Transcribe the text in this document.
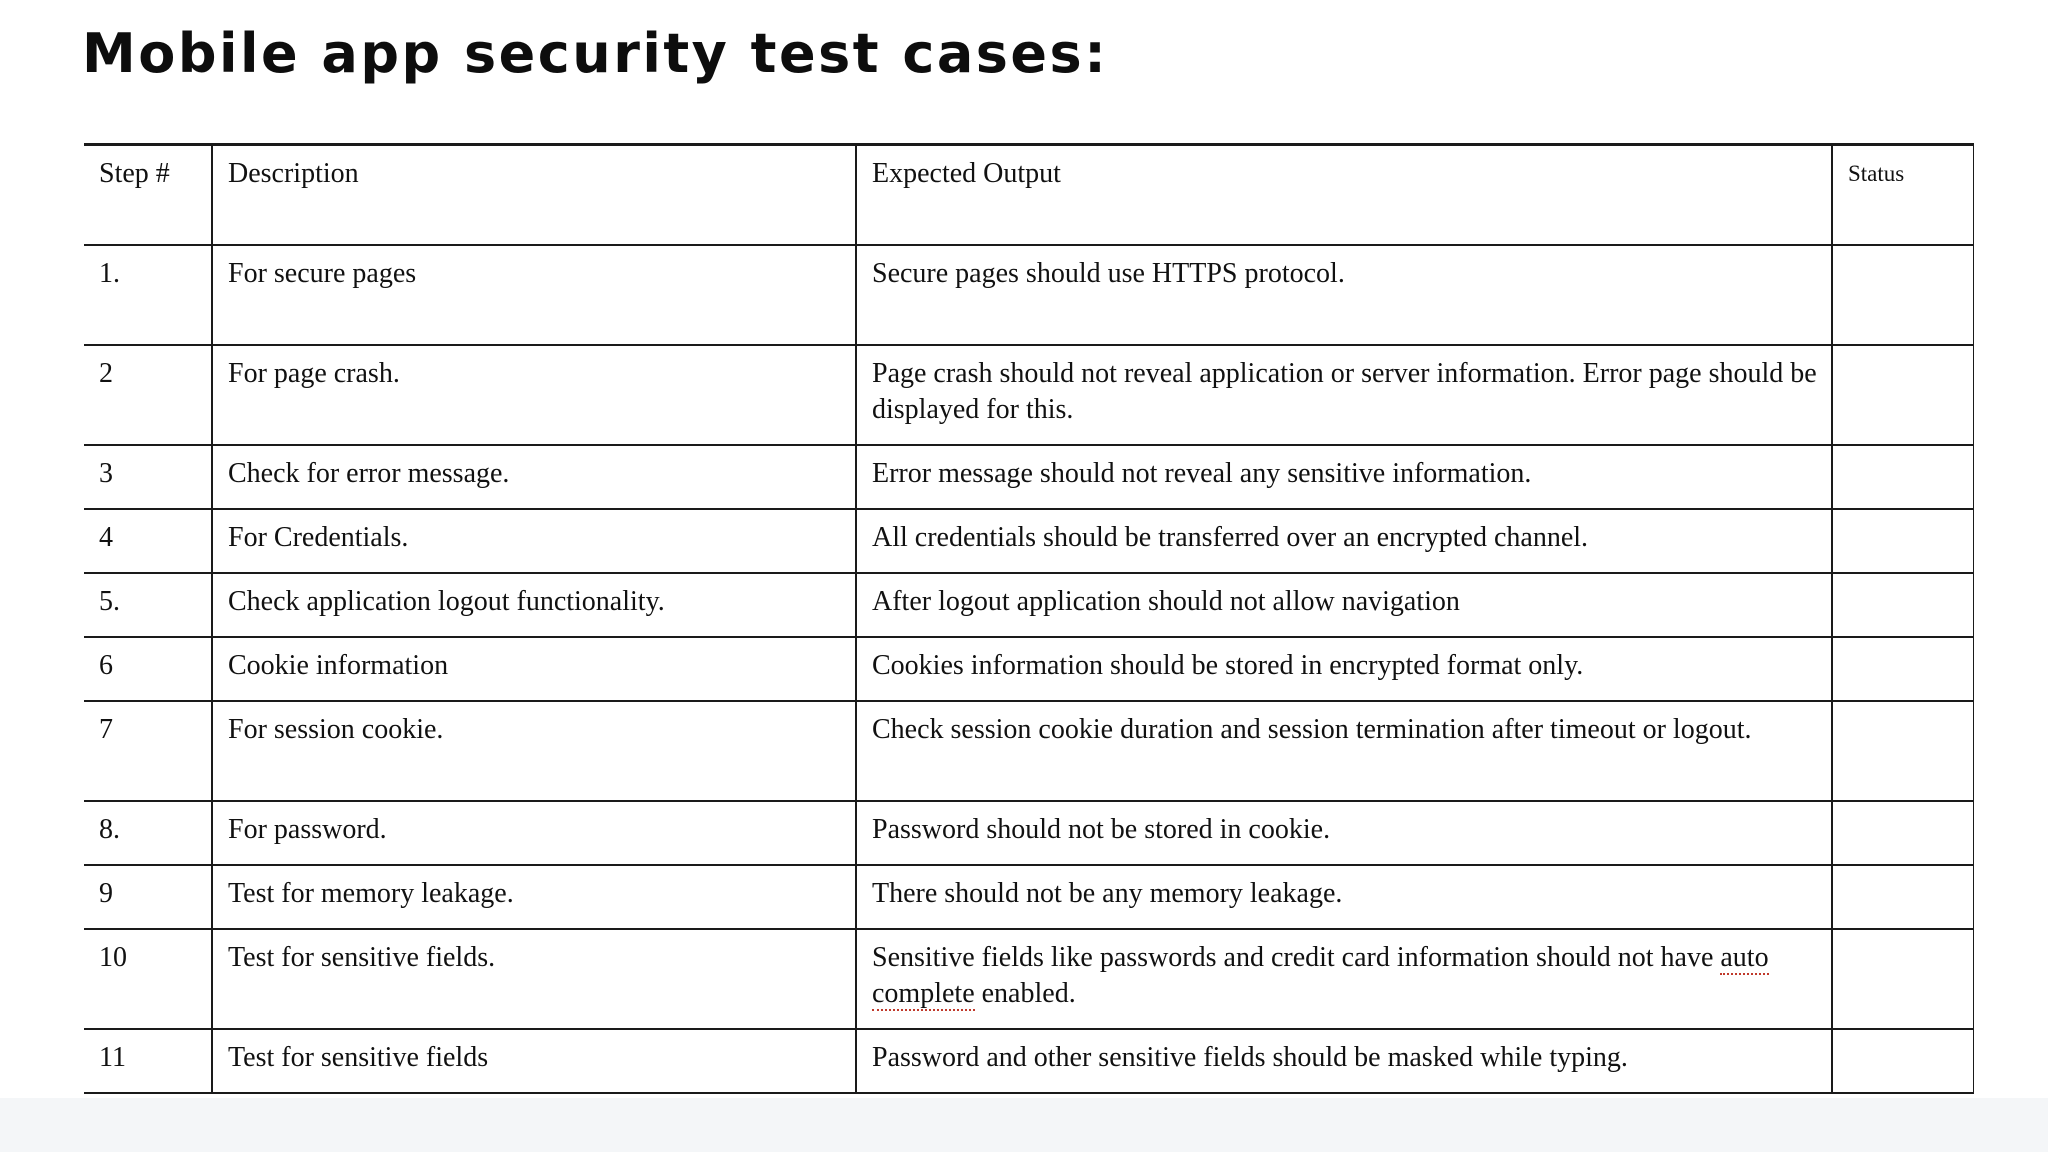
Mobile app security test cases:
Step #	Description	Expected Output	Status
1.	For secure pages	Secure pages should use HTTPS protocol.	
2	For page crash.	Page crash should not reveal application or server information. Error page should be displayed for this.	
3	Check for error message.	Error message should not reveal any sensitive information.	
4	For Credentials.	All credentials should be transferred over an encrypted channel.	
5.	Check application logout functionality.	After logout application should not allow navigation	
6	Cookie information	Cookies information should be stored in encrypted format only.	
7	For session cookie.	Check session cookie duration and session termination after timeout or logout.	
8.	For password.	Password should not be stored in cookie.	
9	Test for memory leakage.	There should not be any memory leakage.	
10	Test for sensitive fields.	Sensitive fields like passwords and credit card information should not have auto complete enabled.	
11	Test for sensitive fields	Password and other sensitive fields should be masked while typing.	
